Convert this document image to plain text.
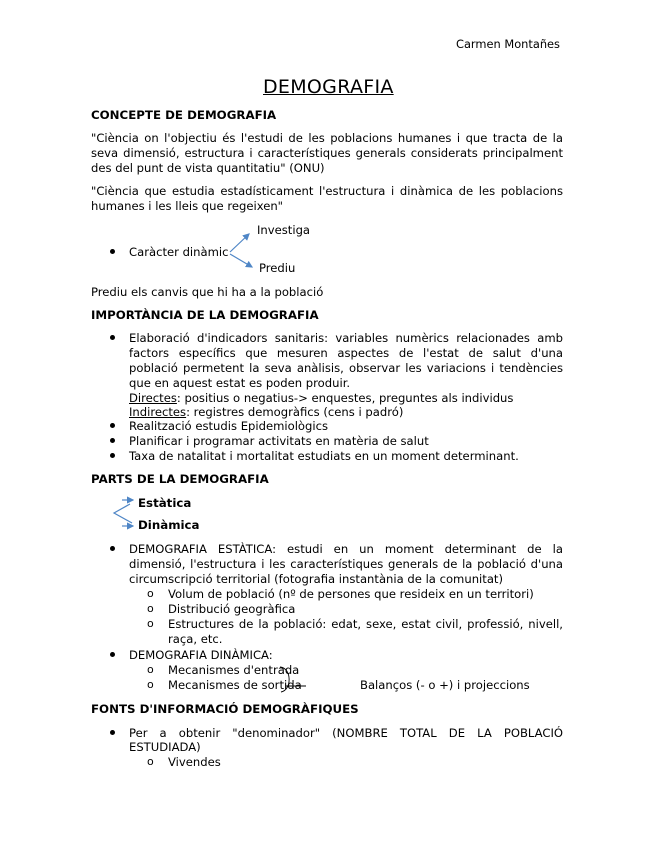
Carmen Montañes
DEMOGRAFIA
CONCEPTE DE DEMOGRAFIA
"Ciència on l'objectiu és l'estudi de les poblacions humanes i que tracta de la
seva dimensió, estructura i característiques generals considerats principalment
des del punt de vista quantitatiu" (ONU)
"Ciència que estudia estadísticament l'estructura i dinàmica de les poblacions
humanes i les lleis que regeixen"
Investiga
Caràcter dinàmic
Prediu
Prediu els canvis que hi ha a la població
IMPORTÀNCIA DE LA DEMOGRAFIA
Elaboració d'indicadors sanitaris: variables numèrics relacionades amb
factors específics que mesuren aspectes de l'estat de salut d'una
població permetent la seva anàlisis, observar les variacions i tendències
que en aquest estat es poden produir.
Directes: positius o negatius-> enquestes, preguntes als individus
Indirectes: registres demogràfics (cens i padró)
Realització estudis Epidemiològics
Planificar i programar activitats en matèria de salut
Taxa de natalitat i mortalitat estudiats en un moment determinant.
PARTS DE LA DEMOGRAFIA
Estàtica
Dinàmica
DEMOGRAFIA ESTÀTICA: estudi en un moment determinant de la
dimensió, l'estructura i les característiques generals de la població d'una
circumscripció territorial (fotografia instantània de la comunitat)
o Volum de població (nº de persones que resideix en un territori)
o Distribució geogràfica
o Estructures de la població: edat, sexe, estat civil, professió, nivell,
raça, etc.
DEMOGRAFIA DINÀMICA:
o Mecanismes d'entrada
o Mecanismes de sortida	Balanços (- o +) i projeccions
FONTS D'INFORMACIÓ DEMOGRÀFIQUES
Per a obtenir "denominador" (NOMBRE TOTAL DE LA POBLACIÓ
ESTUDIADA)
o Vivendes
